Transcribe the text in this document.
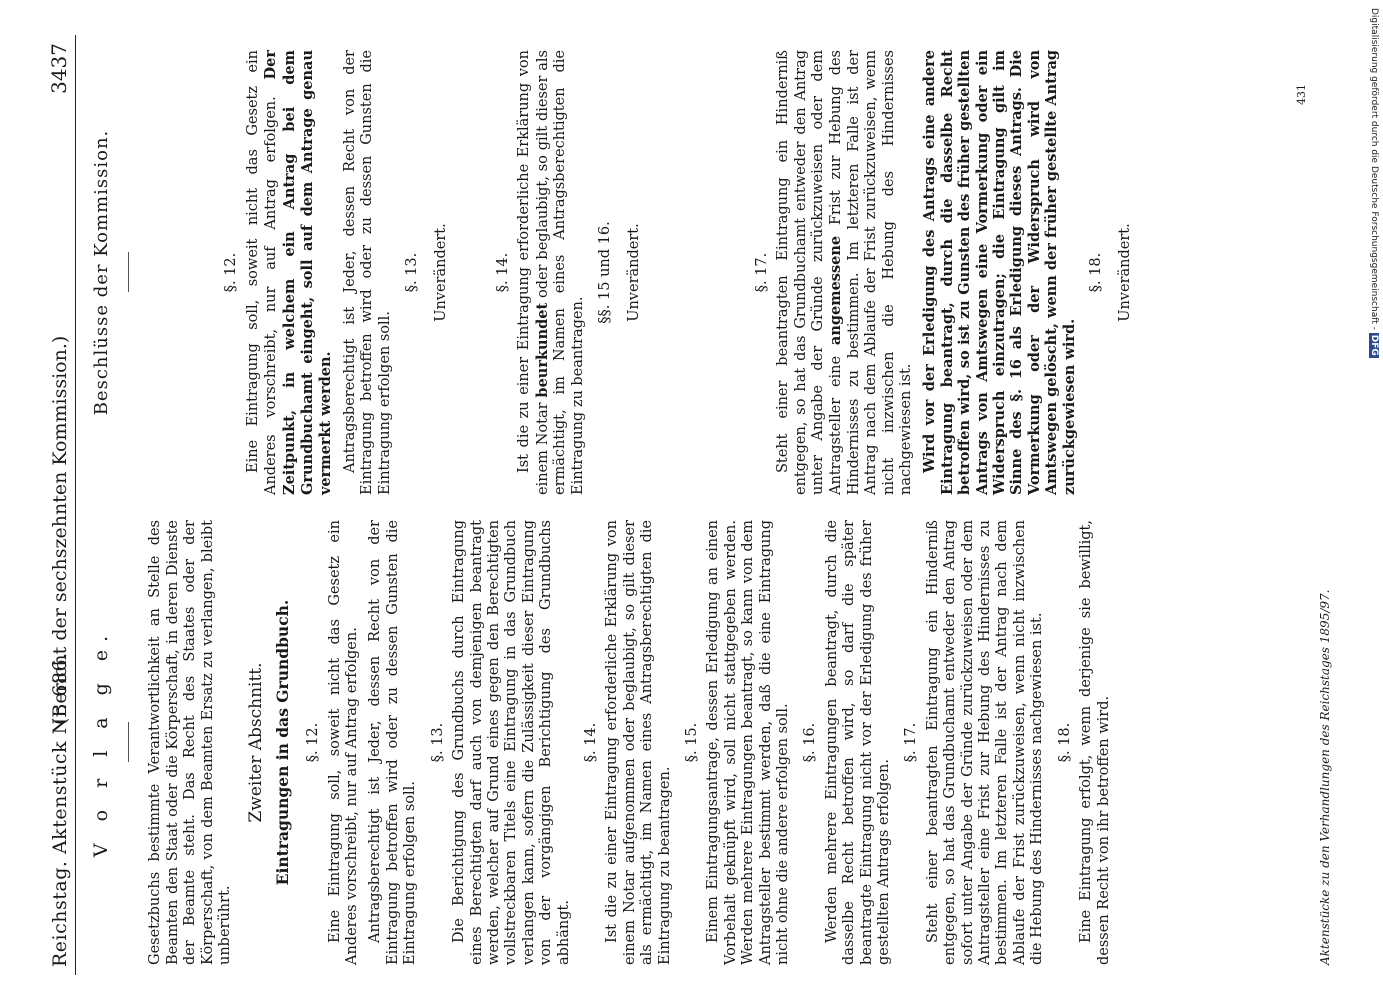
Reichstag. Aktenstück Nr. 686.
(Bericht der sechszehnten Kommission.)
3437
V o r l a g e. Gesetzbuchs bestimmte Verantwortlichkeit an Stelle des Beamten den Staat oder die Körperschaft, in deren Dienste der Beamte steht. Das Recht des Staates oder der Körperschaft, von dem Beamten Ersatz zu verlangen, bleibt unberührt.

Zweiter Abschnitt. Eintragungen in das Grundbuch. §. 12. Eine Eintragung soll, soweit nicht das Gesetz ein Anderes vorschreibt, nur auf Antrag erfolgen. Antragsberechtigt ist Jeder, dessen Recht von der Eintragung betroffen wird oder zu dessen Gunsten die Eintragung erfolgen soll.

§. 13. Die Berichtigung des Grundbuchs durch Eintragung eines Berechtigten darf auch von demjenigen beantragt werden, welcher auf Grund eines gegen den Berechtigten vollstreckbaren Titels eine Eintragung in das Grundbuch verlangen kann, sofern die Zulässigkeit dieser Eintragung von der vorgängigen Berichtigung des Grundbuchs abhängt.

§. 14. Ist die zu einer Eintragung erforderliche Erklärung von einem Notar aufgenommen oder beglaubigt, so gilt dieser als ermächtigt, im Namen eines Antragsberechtigten die Eintragung zu beantragen.

§. 15. Einem Eintragungsantrage, dessen Erledigung an einen Vorbehalt geknüpft wird, soll nicht stattgegeben werden. Werden mehrere Eintragungen beantragt, so kann von dem Antragsteller bestimmt werden, daß die eine Eintragung nicht ohne die andere erfolgen soll. §. 16. Werden mehrere Eintragungen beantragt, durch die dasselbe Recht betroffen wird, so darf die später beantragte Eintragung nicht vor der Erledigung des früher gestellten Antrags erfolgen.

§. 17. Steht einer beantragten Eintragung ein Hinderniß entgegen, so hat das Grundbuchamt entweder den Antrag sofort unter Angabe der Gründe zurückzuweisen oder dem Antragsteller eine Frist zur Hebung des Hindernisses zu bestimmen. Im letzteren Falle ist der Antrag nach dem Ablaufe der Frist zurückzuweisen, wenn nicht inzwischen die Hebung des Hindernisses nachgewiesen ist. §. 18. Eine Eintragung erfolgt, wenn derjenige sie bewilligt, dessen Recht von ihr betroffen wird.

Beschlüsse der Kommission.	§. 12. Eine Eintragung soll, soweit nicht das Gesetz ein Anderes vorschreibt, nur auf Antrag erfolgen. Der Zeitpunkt, in welchem ein Antrag bei dem Grundbuchamt eingeht, soll auf dem Antrage genau vermerkt werden. Antragsberechtigt ist Jeder, dessen Recht von der Eintragung betroffen wird oder zu dessen Gunsten die Eintragung erfolgen soll.

§. 13. Unverändert.	§. 14. Ist die zu einer Eintragung erforderliche Erklärung von einem Notar beurkundet oder beglaubigt, so gilt dieser als ermächtigt, im Namen eines Antragsberechtigten die Eintragung zu beantragen.

§§. 15 und 16. Unverändert.	§. 17. Steht einer beantragten Eintragung ein Hinderniß entgegen, so hat das Grundbuchamt entweder den Antrag unter Angabe der Gründe zurückzuweisen oder dem Antragsteller eine angemessene Frist zur Hebung des Hindernisses zu bestimmen. Im letzteren Falle ist der Antrag nach dem Ablaufe der Frist zurückzuweisen, wenn nicht inzwischen die Hebung des Hindernisses nachgewiesen ist. Wird vor der Erledigung des Antrags eine andere Eintragung beantragt, durch die dasselbe Recht betroffen wird, so ist zu Gunsten des früher gestellten Antrags von Amtswegen eine Vormerkung oder ein Widerspruch einzutragen; die Eintragung gilt im Sinne des §. 16 als Erledigung dieses Antrags. Die Vormerkung oder der Widerspruch wird von Amtswegen gelöscht, wenn der früher gestellte Antrag zurückgewiesen wird.

§. 18. Unverändert.

Aktenstücke zu den Verhandlungen des Reichstages 1895/97.
431	Digitalisierung gefördert durch die Deutsche Forschungsgemeinschaft - DFG
